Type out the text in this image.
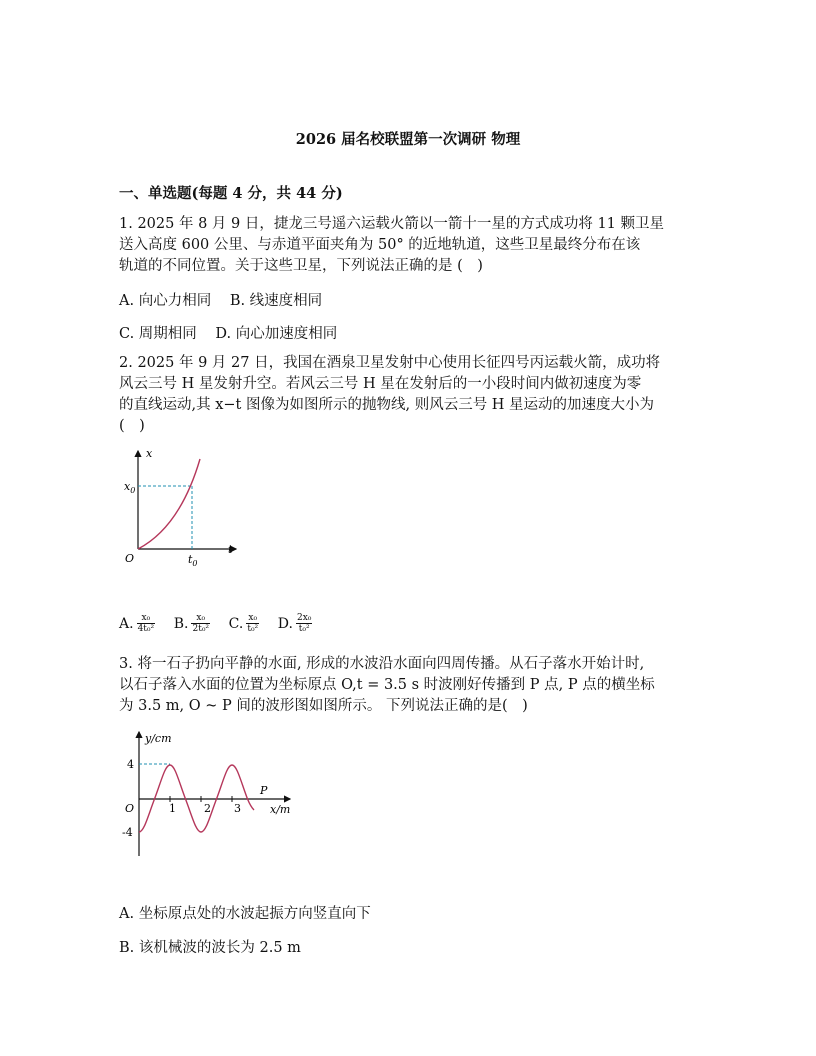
2026 届名校联盟第一次调研 物理
一、单选题(每题 4 分，共 44 分)
1. 2025 年 8 月 9 日，捷龙三号遥六运载火箭以一箭十一星的方式成功将 11 颗卫星
送入高度 600 公里、与赤道平面夹角为 50° 的近地轨道，这些卫星最终分布在该
轨道的不同位置。关于这些卫星，下列说法正确的是 (　)
A. 向心力相同 B. 线速度相同
C. 周期相同 D. 向心加速度相同
2. 2025 年 9 月 27 日，我国在酒泉卫星发射中心使用长征四号丙运载火箭，成功将
风云三号 H 星发射升空。若风云三号 H 星在发射后的一小段时间内做初速度为零
的直线运动,其 x−t 图像为如图所示的抛物线, 则风云三号 H 星运动的加速度大小为
(　)
x
t
O
$x_0$
$t_0$
A. $\frac{\text{x₀}}{\text{4t₀²}} B$. $\frac{\text{x₀}}{\text{2t₀²}} C$. $\frac{\text{x₀}}{\text{t₀²}} D$. $\frac{\text{2x₀}}{\text{t₀²}}$
3. 将一石子扔向平静的水面, 形成的水波沿水面向四周传播。从石子落水开始计时,
以石子落入水面的位置为坐标原点 O,t = 3.5 s 时波刚好传播到 P 点, P 点的横坐标
为 3.5 m, O ~ P 间的波形图如图所示。 下列说法正确的是(　)
y/cm
x/m
O
P
4
-4
1	2 3
A. 坐标原点处的水波起振方向竖直向下
B. 该机械波的波长为 2.5 m
